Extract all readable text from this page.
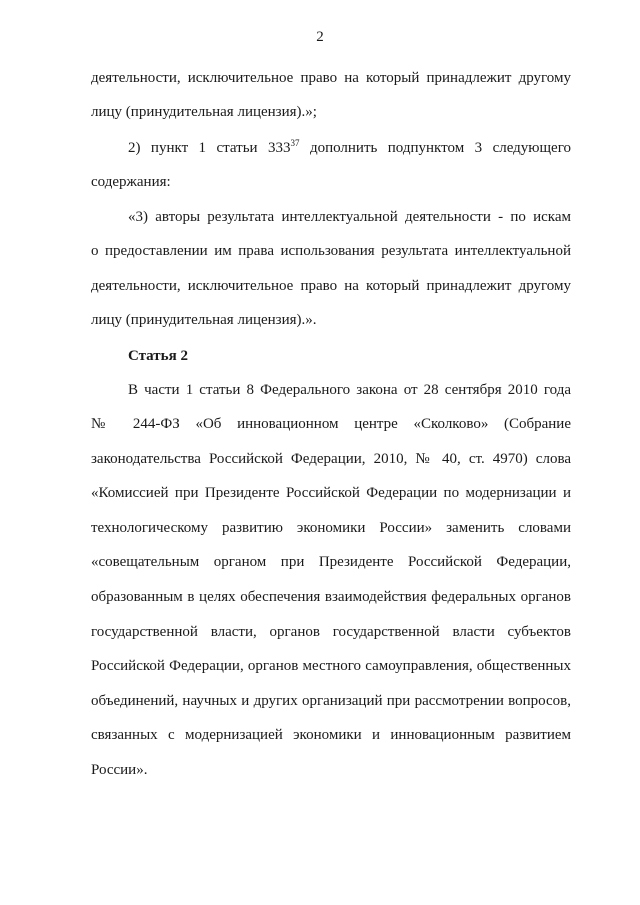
2
деятельности, исключительное право на который принадлежит другому
лицу (принудительная лицензия).»;
2) пункт 1 статьи $333^{37}$ дополнить подпунктом 3 следующего
содержания:
«3) авторы результата интеллектуальной деятельности - по искам
о предоставлении им права использования результата интеллектуальной
деятельности, исключительное право на который принадлежит другому
лицу (принудительная лицензия).».
Статья 2
В части 1 статьи 8 Федерального закона от 28 сентября 2010 года
№ 244-ФЗ «Об инновационном центре «Сколково» (Собрание
законодательства Российской Федерации, 2010, № 40, ст. 4970) слова
«Комиссией при Президенте Российской Федерации по модернизации и
технологическому развитию экономики России» заменить словами
«совещательным органом при Президенте Российской Федерации,
образованным в целях обеспечения взаимодействия федеральных органов
государственной власти, органов государственной власти субъектов
Российской Федерации, органов местного самоуправления, общественных
объединений, научных и других организаций при рассмотрении вопросов,
связанных с модернизацией экономики и инновационным развитием
России».
